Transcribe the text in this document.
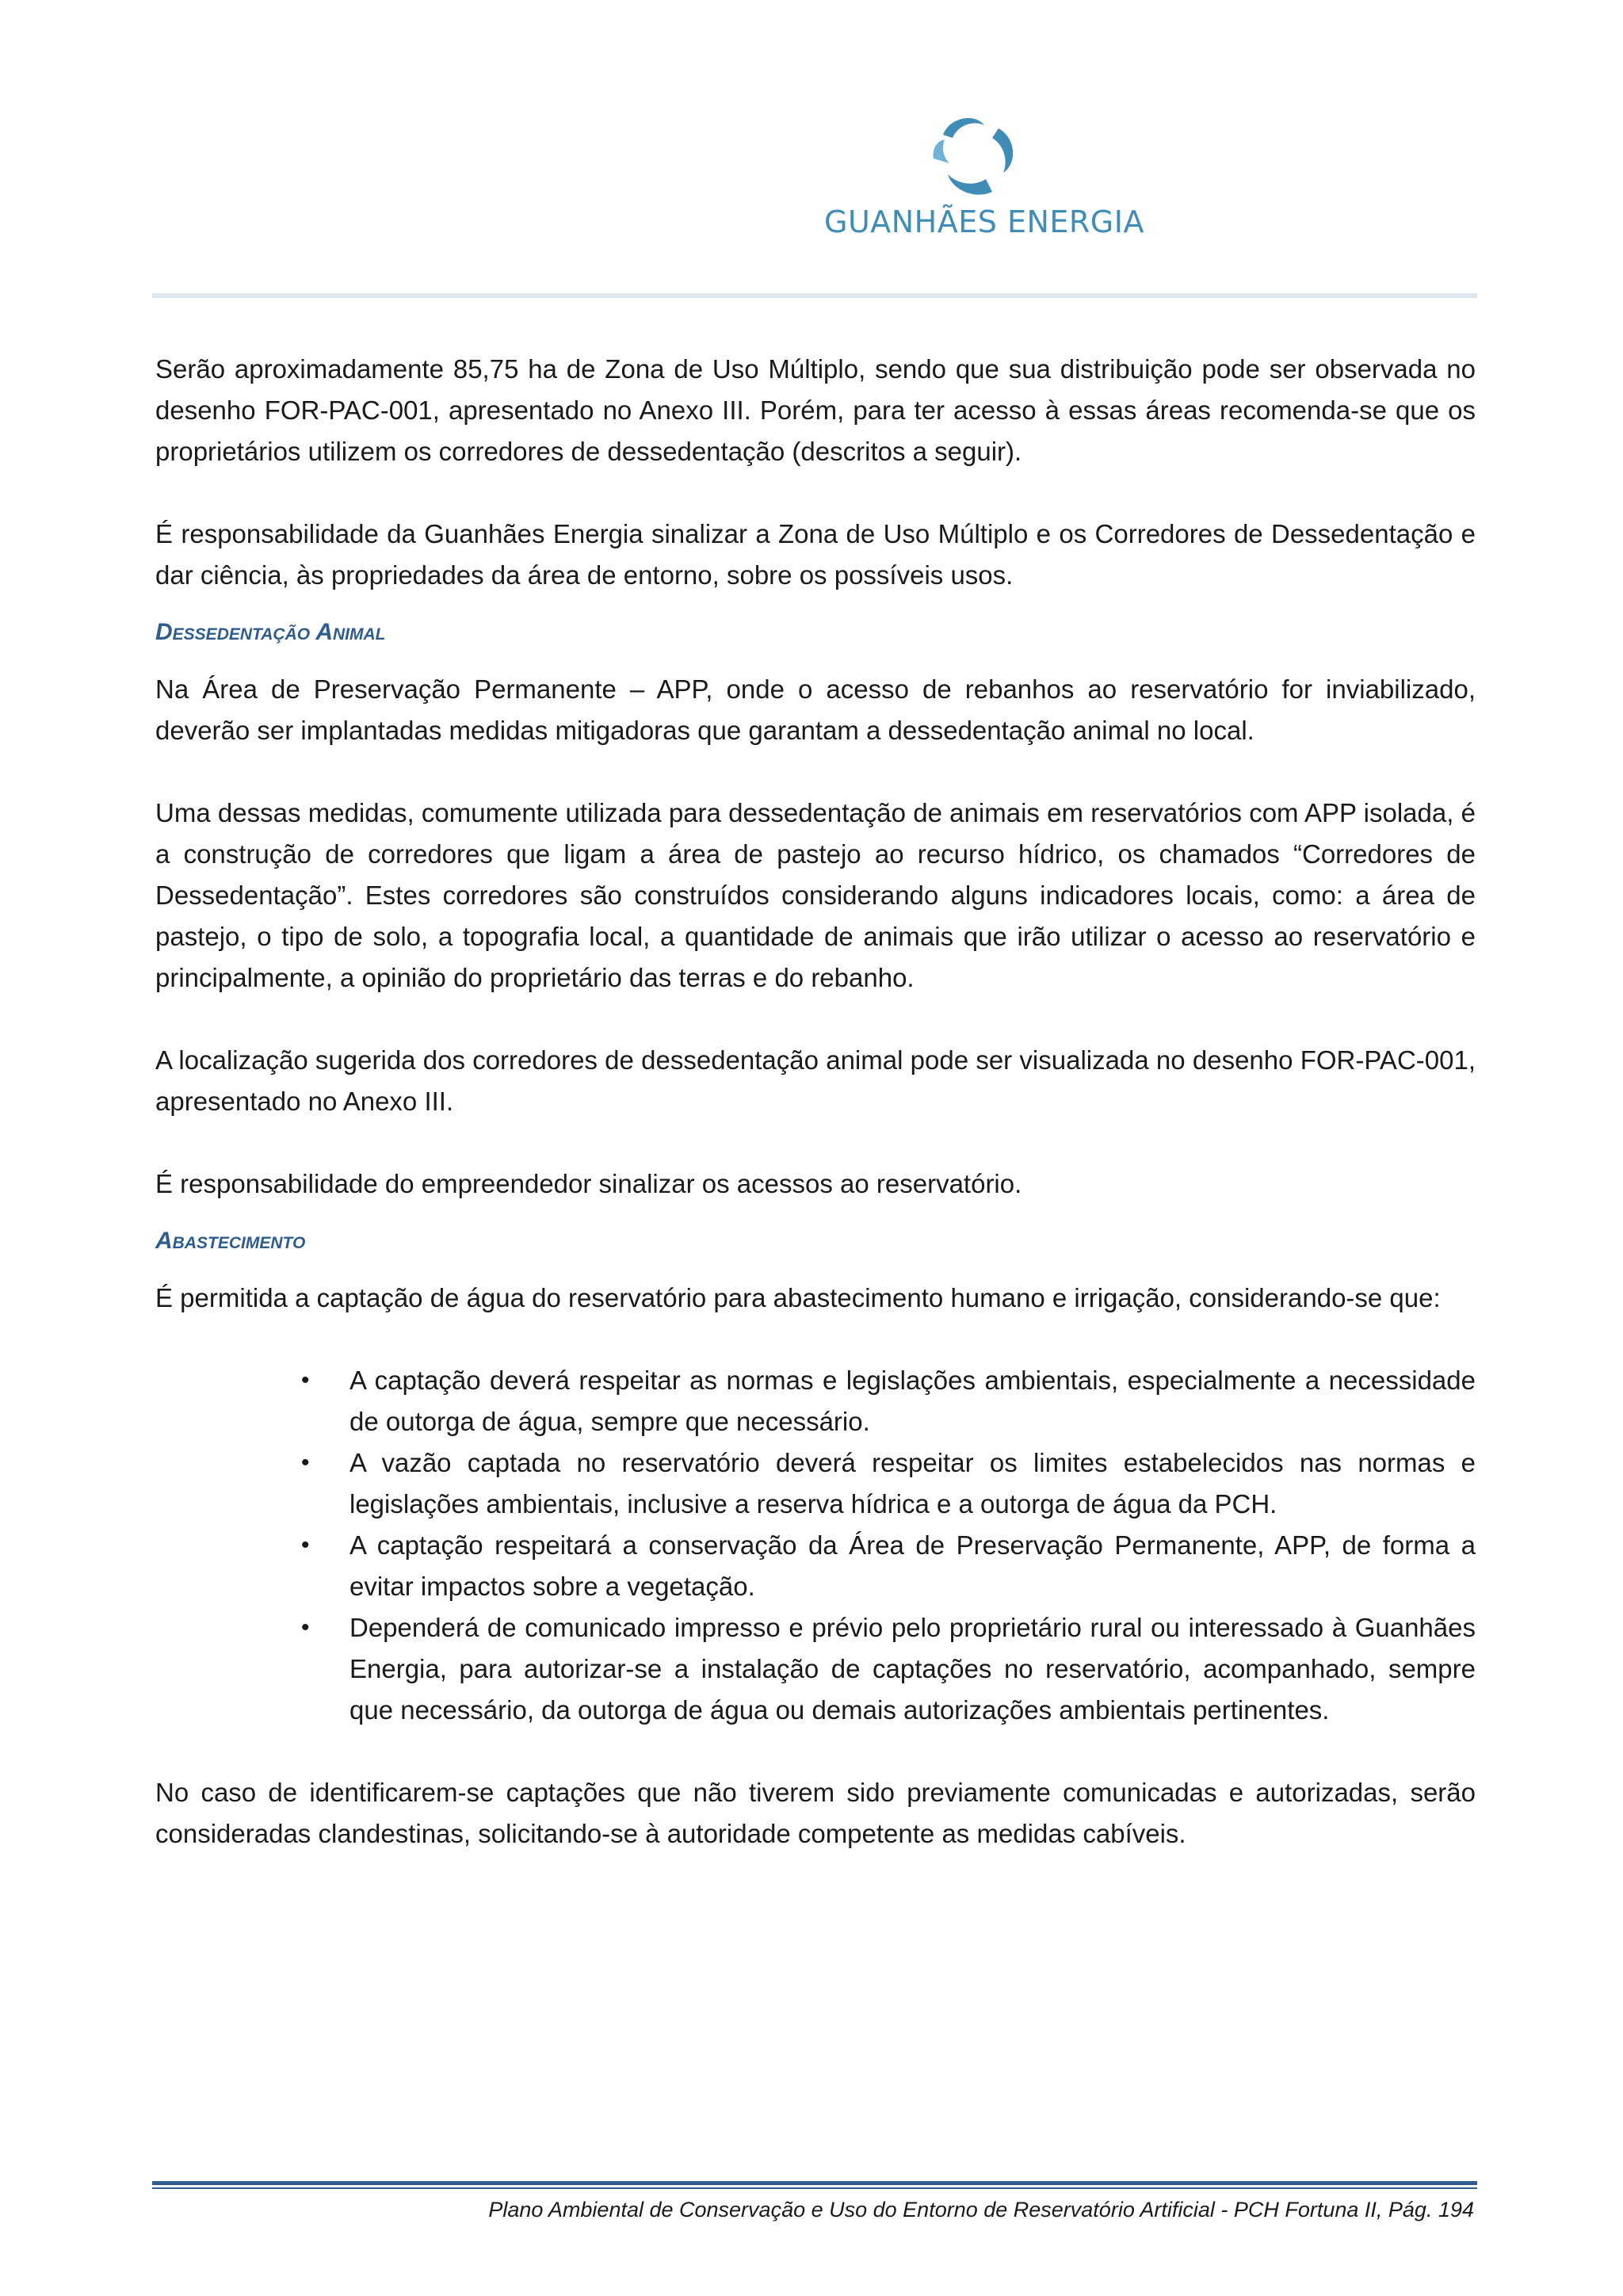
GUANHÃES ENERGIA

Serão aproximadamente 85,75 ha de Zona de Uso Múltiplo, sendo que sua distribuição pode ser observada no desenho FOR-PAC-001, apresentado no Anexo III. Porém, para ter acesso à essas áreas recomenda-se que os proprietários utilizem os corredores de dessedentação (descritos a seguir).

É responsabilidade da Guanhães Energia sinalizar a Zona de Uso Múltiplo e os Corredores de Dessedentação e dar ciência, às propriedades da área de entorno, sobre os possíveis usos.

Dessedentação Animal

Na Área de Preservação Permanente – APP, onde o acesso de rebanhos ao reservatório for inviabilizado, deverão ser implantadas medidas mitigadoras que garantam a dessedentação animal no local.

Uma dessas medidas, comumente utilizada para dessedentação de animais em reservatórios com APP isolada, é a construção de corredores que ligam a área de pastejo ao recurso hídrico, os chamados “Corredores de Dessedentação”. Estes corredores são construídos considerando alguns indicadores locais, como: a área de pastejo, o tipo de solo, a topografia local, a quantidade de animais que irão utilizar o acesso ao reservatório e principalmente, a opinião do proprietário das terras e do rebanho.

A localização sugerida dos corredores de dessedentação animal pode ser visualizada no desenho FOR-PAC-001, apresentado no Anexo III.

É responsabilidade do empreendedor sinalizar os acessos ao reservatório.

Abastecimento

É permitida a captação de água do reservatório para abastecimento humano e irrigação, considerando-se que:

• A captação deverá respeitar as normas e legislações ambientais, especialmente a necessidade de outorga de água, sempre que necessário.
• A vazão captada no reservatório deverá respeitar os limites estabelecidos nas normas e legislações ambientais, inclusive a reserva hídrica e a outorga de água da PCH.
• A captação respeitará a conservação da Área de Preservação Permanente, APP, de forma a evitar impactos sobre a vegetação.
• Dependerá de comunicado impresso e prévio pelo proprietário rural ou interessado à Guanhães Energia, para autorizar-se a instalação de captações no reservatório, acompanhado, sempre que necessário, da outorga de água ou demais autorizações ambientais pertinentes.

No caso de identificarem-se captações que não tiverem sido previamente comunicadas e autorizadas, serão consideradas clandestinas, solicitando-se à autoridade competente as medidas cabíveis.

Plano Ambiental de Conservação e Uso do Entorno de Reservatório Artificial - PCH Fortuna II, Pág. 194
